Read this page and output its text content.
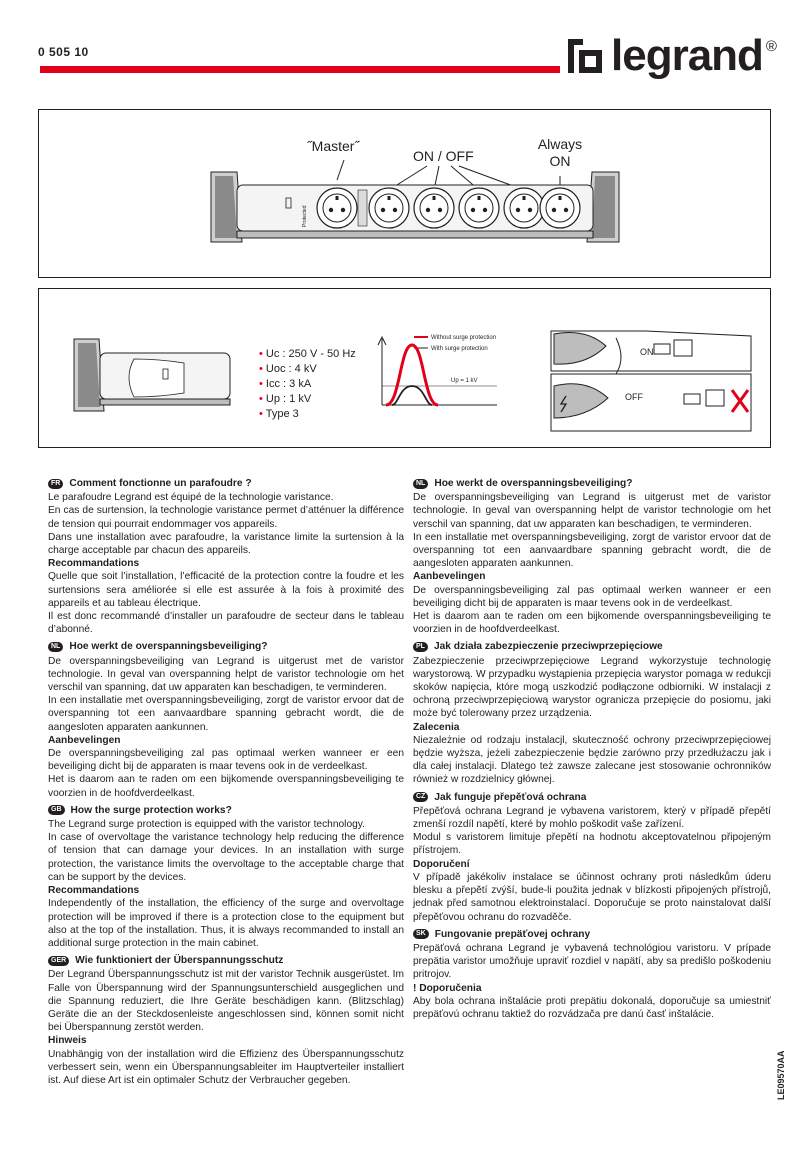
0 505 10	legrand ®
˝Master˝
ON / OFF
Always ON
Protected
• Uc : 250 V - 50 Hz
• Uoc : 4 kV
• Icc : 3 kA
• Up : 1 kV
• Type 3
Without surge protection
With surge protection
Up = 1 kV
ON
OFF
FR Comment fonctionne un parafoudre ?
Le parafoudre Legrand est équipé de la technologie varistance.
En cas de surtension, la technologie varistance permet d’atténuer la différence de tension qui pourrait endommager vos appareils.
Dans une installation avec parafoudre, la varistance limite la surtension à la charge acceptable par chacun des appareils.
Recommandations
Quelle que soit l’installation, l’efficacité de la protection contre la foudre et les surtensions sera améliorée si elle est assurée à la fois à proximité des appareils et au tableau électrique.
Il est donc recommandé d’installer un parafoudre de secteur dans le tableau d’abonné.
NL Hoe werkt de overspanningsbeveiliging?
De overspanningsbeveiliging van Legrand is uitgerust met de varistor technologie. In geval van overspanning helpt de varistor technologie om het verschil van spanning, dat uw apparaten kan beschadigen, te verminderen.
In een installatie met overspanningsbeveiliging, zorgt de varistor ervoor dat de overspanning tot een aanvaardbare spanning gebracht wordt, die de aangesloten apparaten aankunnen.
Aanbevelingen
De overspanningsbeveiliging zal pas optimaal werken wanneer er een beveiliging dicht bij de apparaten is maar tevens ook in de verdeelkast.
Het is daarom aan te raden om een bijkomende overspanningsbeveiliging te voorzien in de hoofdverdeelkast.
GB How the surge protection works?
The Legrand surge protection is equipped with the varistor technology.
In case of overvoltage the varistance technology help reducing the difference of tension that can damage your devices. In an installation with surge protection, the varistance limits the overvoltage to the acceptable charge that can be support by the devices.
Recommandations
Independently of the installation, the efficiency of the surge and overvoltage protection will be improved if there is a protection close to the equipment but also at the top of the installation. Thus, it is always recommanded to install an additional surge protection in the main cabinet.
GER Wie funktioniert der Überspannungsschutz
Der Legrand Überspannungsschutz ist mit der varistor Technik ausgerüstet. Im Falle von Überspannung wird der Spannungsunterschield ausgeglichen und die Spannung reduziert, die Ihre Geräte beschädigen kann. (Blitzschlag) Geräte die an der Steckdosenleiste angeschlossen sind, können somit nicht bei Überspannung zerstöt werden.
Hinweis
Unabhängig von der installation wird die Effizienz des Überspannungsschutz verbessert sein, wenn ein Überspannungsableiter im Hauptverteiler installiert ist. Auf diese Art ist ein optimaler Schutz der Verbraucher gegeben.
NL Hoe werkt de overspanningsbeveiliging?
De overspanningsbeveiliging van Legrand is uitgerust met de varistor technologie. In geval van overspanning helpt de varistor technologie om het verschil van spanning, dat uw apparaten kan beschadigen, te verminderen.
In een installatie met overspanningsbeveiliging, zorgt de varistor ervoor dat de overspanning tot een aanvaardbare spanning gebracht wordt, die de aangesloten apparaten aankunnen.
Aanbevelingen
De overspanningsbeveiliging zal pas optimaal werken wanneer er een beveiliging dicht bij de apparaten is maar tevens ook in de verdeelkast.
Het is daarom aan te raden om een bijkomende overspanningsbeveiliging te voorzien in de hoofdverdeelkast.
PL Jak działa zabezpieczenie przeciwprzepięciowe
Zabezpieczenie przeciwprzepięciowe Legrand wykorzystuje technologię warystorową. W przypadku wystąpienia przepięcia warystor pomaga w redukcji skoków napięcia, które mogą uszkodzić podłączone odbiorniki. W instalacji z ochroną przeciwprzepięciową warystor ogranicza przepięcie do posiomu, jaki może być tolerowany przez urządzenia.
Zalecenia
Niezależnie od rodzaju instalacjl, skuteczność ochrony przeciwprzepięciowej będzie wyższa, jeżeli zabezpieczenie będzie zarówno przy przedłużaczu jak i dla całej instalacji. Dlatego też zawsze zalecane jest stosowanie ochronników również w rozdzielnicy głównej.
CZ Jak funguje přepěťová ochrana
Přepěťová ochrana Legrand je vybavena varistorem, který v případě přepětí zmenší rozdíl napětí, které by mohlo poškodit vaše zařízení.
Modul s varistorem limituje přepětí na hodnotu akceptovatelnou připojeným přístrojem.
Doporučení
V případě jakékoliv instalace se účinnost ochrany proti následkům úderu blesku a přepětí zvýší, bude-li použita jednak v blízkosti připojených přístrojů, jednak před samotnou elektroinstalací. Doporučuje se proto nainstalovat další přepěťovou ochranu do rozvaděče.
SK Fungovanie prepäťovej ochrany
Prepäťová ochrana Legrand je vybavená technológiou varistoru. V prípade prepätia varistor umožňuje upraviť rozdiel v napätí, aby sa predišlo poškodeniu pritrojov.
! Doporučenia
Aby bola ochrana inštalácie proti prepätiu dokonalá, doporučuje sa umiestniť prepäťovú ochranu taktiež do rozvádzača pre danú časť inštalácie.
LE09570AA
